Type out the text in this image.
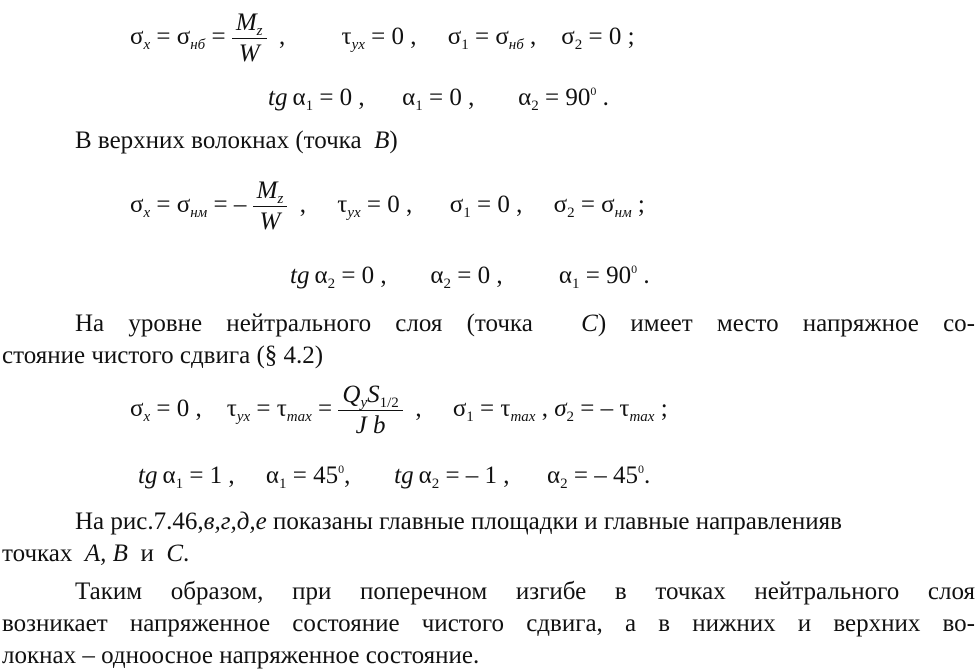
$\sigma_x = \sigma_{нб} = \frac{M_z}{W}$ ,         $\tau_{yx} = 0$ ,     $\sigma_1 = \sigma_{нб}$ ,    $\sigma_2 = 0$ ;
tg $\alpha_1 = 0$ ,      $\alpha_1 = 0$ ,       $\alpha_2 = 90^0$ .
В верхних волокнах (точка  B)
$\sigma_x = \sigma_{нм}$ = – $\frac{M_z}{W}$ ,     $\tau_{yx} = 0$ ,      $\sigma_1 = 0$ ,     $\sigma_2 = \sigma_{нм}$ ;
tg $\alpha_2 = 0$ ,       $\alpha_2 = 0$ ,         $\alpha_1 = 90^0$ .
На уровне нейтрального слоя (точка  C) имеет место напряжное со-
стояние чистого сдвига (§ 4.2)
$\sigma_x = 0$ ,    $\tau_{yx} = \tau_{max} = \frac{Q_yS_{1/2}}{\text{J b}}$ ,     $\sigma_1 = \tau_{max}$ , $\sigma_2$ = – $\tau_{max}$ ;
tg $\alpha_1 = 1$ ,     $\alpha_1 = 45^0$,       tg $\alpha_2$ = – 1 ,      $\alpha_2$ = – $45^0$.
На рис.7.46,в,г,д,е показаны главные площадки и главные направленияв
точках  A, B  и  C.
Таким образом, при поперечном изгибе в точках нейтрального слоя
возникает напряженное состояние чистого сдвига, а в нижних и верхних во-
локнах – одноосное напряженное состояние.
